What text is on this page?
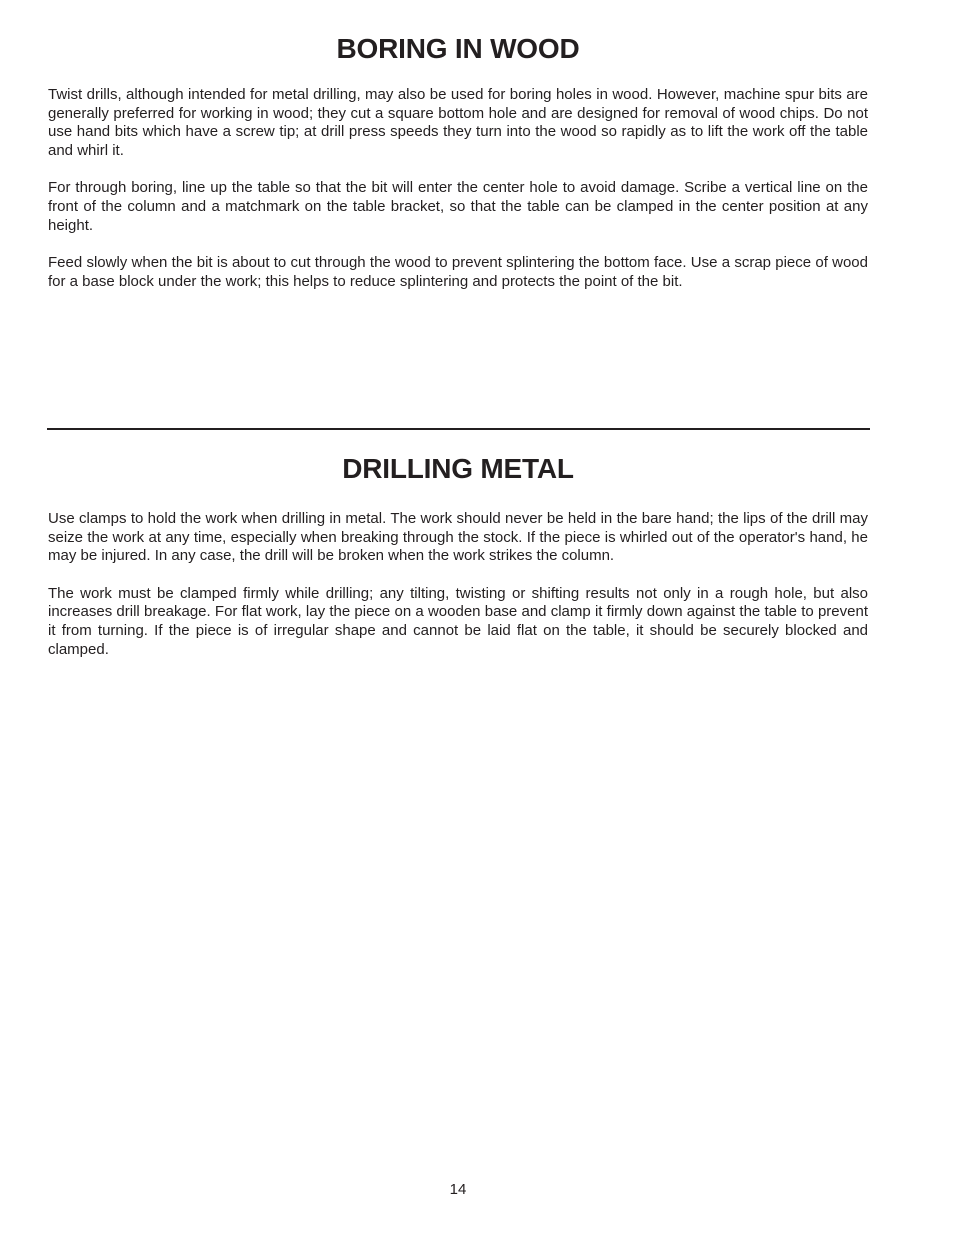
BORING IN WOOD

Twist drills, although intended for metal drilling, may also be used for boring holes in wood. However, machine spur bits are generally preferred for working in wood; they cut a square bottom hole and are designed for removal of wood chips. Do not use hand bits which have a screw tip; at drill press speeds they turn into the wood so rapidly as to lift the work off the table and whirl it.

For through boring, line up the table so that the bit will enter the center hole to avoid damage. Scribe a vertical line on the front of the column and a matchmark on the table bracket, so that the table can be clamped in the center position at any height.

Feed slowly when the bit is about to cut through the wood to prevent splintering the bottom face. Use a scrap piece of wood for a base block under the work; this helps to reduce splintering and protects the point of the bit.

DRILLING METAL

Use clamps to hold the work when drilling in metal. The work should never be held in the bare hand; the lips of the drill may seize the work at any time, especially when breaking through the stock. If the piece is whirled out of the operator's hand, he may be injured. In any case, the drill will be broken when the work strikes the column.

The work must be clamped firmly while drilling; any tilting, twisting or shifting results not only in a rough hole, but also increases drill breakage. For flat work, lay the piece on a wooden base and clamp it firmly down against the table to prevent it from turning. If the piece is of irregular shape and cannot be laid flat on the table, it should be securely blocked and clamped.

14
